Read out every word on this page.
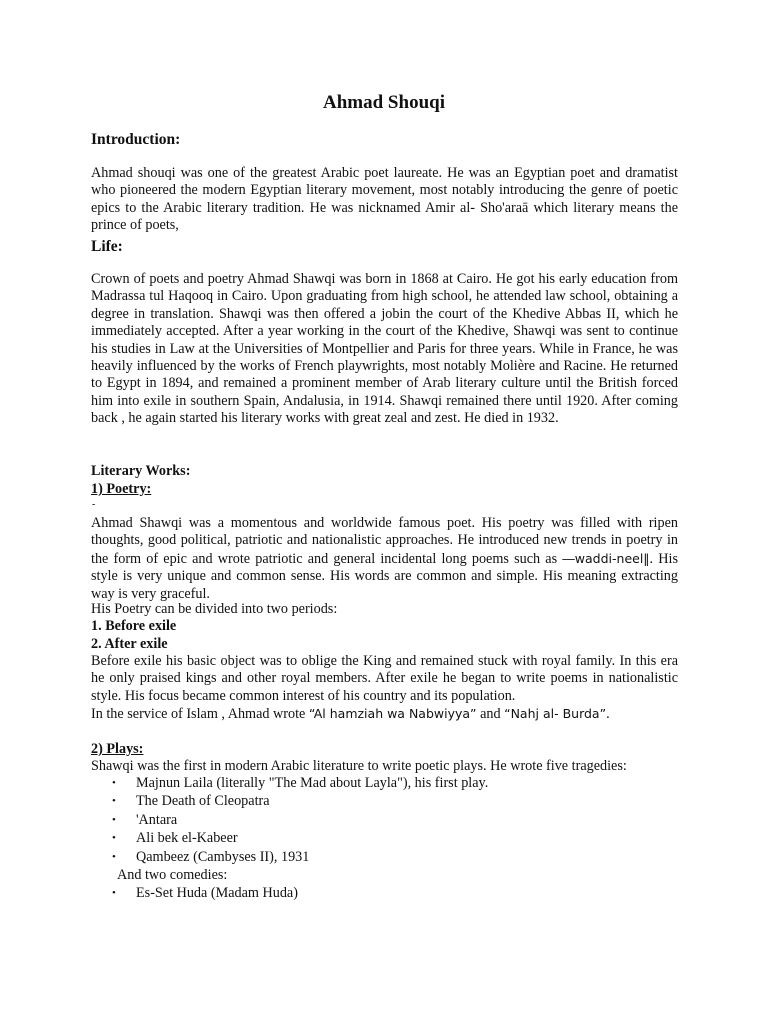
Ahmad Shouqi
Introduction:

Ahmad shouqi was one of the greatest Arabic poet laureate. He was an Egyptian poet and dramatist who pioneered the modern Egyptian literary movement, most notably introducing the genre of poetic epics to the Arabic literary tradition. He was nicknamed Amir al- Sho'araā which literary means the prince of poets,

Life:

Crown of poets and poetry Ahmad Shawqi was born in 1868 at Cairo. He got his early education from Madrassa tul Haqooq in Cairo. Upon graduating from high school, he attended law school, obtaining a degree in translation. Shawqi was then offered a jobin the court of the Khedive Abbas II, which he immediately accepted. After a year working in the court of the Khedive, Shawqi was sent to continue his studies in Law at the Universities of Montpellier and Paris for three years. While in France, he was heavily influenced by the works of French playwrights, most notably Molière and Racine. He returned to Egypt in 1894, and remained a prominent member of Arab literary culture until the British forced him into exile in southern Spain, Andalusia, in 1914. Shawqi remained there until 1920. After coming back , he again started his literary works with great zeal and zest. He died in 1932.

Literary Works:
1) Poetry:
-

Ahmad Shawqi was a momentous and worldwide famous poet. His poetry was filled with ripen thoughts, good political, patriotic and nationalistic approaches. He introduced new trends in poetry in the form of epic and wrote patriotic and general incidental long poems such as ―waddi-neel‖. His style is very unique and common sense. His words are common and simple. His meaning extracting way is very graceful.

His Poetry can be divided into two periods:
1. Before exile
2. After exile

Before exile his basic object was to oblige the King and remained stuck with royal family. In this era he only praised kings and other royal members. After exile he began to write poems in nationalistic style. His focus became common interest of his country and its population.

In the service of Islam , Ahmad wrote “Al hamziah wa Nabwiyya” and “Nahj al- Burda”.
2) Plays:
Shawqi was the first in modern Arabic literature to write poetic plays. He wrote five tragedies:
• Majnun Laila (literally "The Mad about Layla"), his first play.
• The Death of Cleopatra
• 'Antara
• Ali bek el-Kabeer
• Qambeez (Cambyses II), 1931
And two comedies:
• Es-Set Huda (Madam Huda)
